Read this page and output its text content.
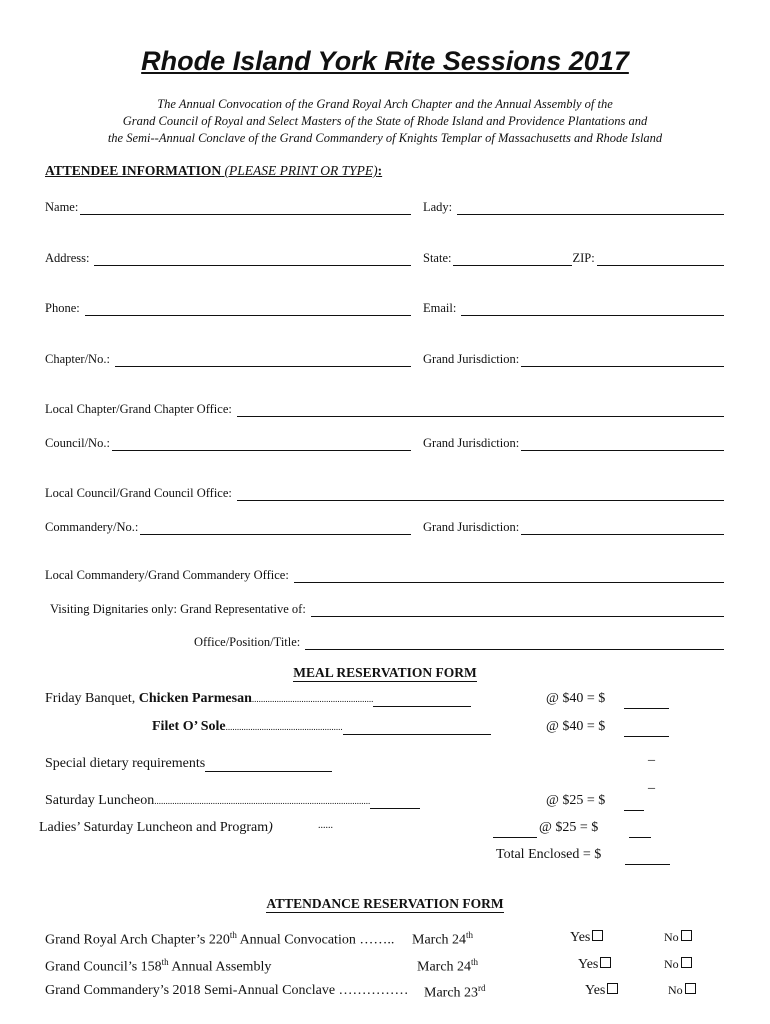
Rhode Island York Rite Sessions 2017
The Annual Convocation of the Grand Royal Arch Chapter and the Annual Assembly of the
Grand Council of Royal and Select Masters of the State of Rhode Island and Providence Plantations and
the Semi-‐Annual Conclave of the Grand Commandery of Knights Templar of Massachusetts and Rhode Island
ATTENDEE INFORMATION (PLEASE PRINT OR TYPE):
Name:	Lady:
Address:	State:	ZIP:
Phone:	Email:
Chapter/No.:	Grand Jurisdiction:
Local Chapter/Grand Chapter Office:
Council/No.:	Grand Jurisdiction:
Local Council/Grand Council Office:
Commandery/No.:	Grand Jurisdiction:
Local Commandery/Grand Commandery Office:
Visiting Dignitaries only: Grand Representative of:
Office/Position/Title:
MEAL RESERVATION FORM
Friday Banquet, Chicken Parmesan......................................................	@ $40 = $
Filet O’ Sole....................................................	@ $40 = $
_
Special dietary requirements
_
Saturday Luncheon................................................................................................	@ $25 = $
Ladies’ Saturday Luncheon and Program)	......	@ $25 = $
Total Enclosed = $
ATTENDANCE RESERVATION FORM
Grand Royal Arch Chapter’s 220th Annual Convocation …….. March 24th	Yes	No
Grand Council’s 158th Annual Assembly	March 24th	Yes	No
Grand Commandery’s 2018 Semi-Annual Conclave …………… March 23rd	Yes	No
